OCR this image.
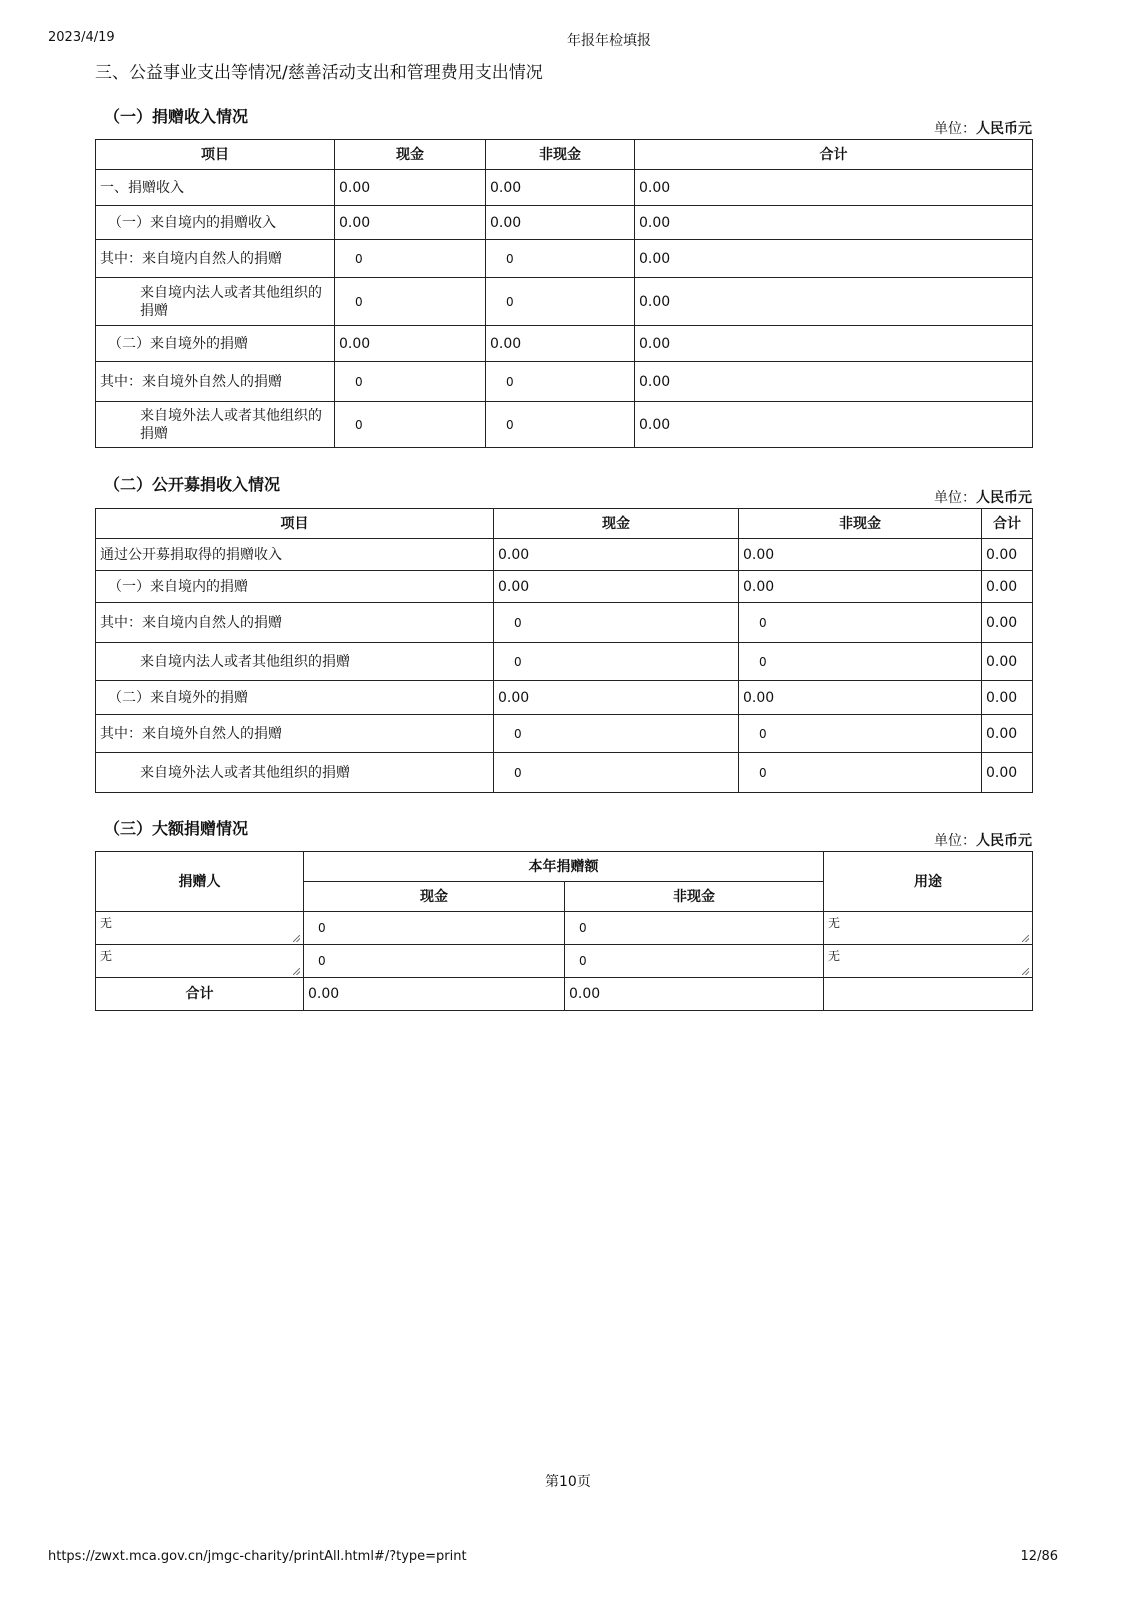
2023/4/19	年报年检填报
三、公益事业支出等情况/慈善活动支出和管理费用支出情况
（一）捐赠收入情况
单位：人民币元
项目	现金	非现金	合计
一、捐赠收入	0.00	0.00	0.00
（一）来自境内的捐赠收入	0.00	0.00	0.00
其中：来自境内自然人的捐赠	0	0	0.00
来自境内法人或者其他组织的捐赠	0	0	0.00
（二）来自境外的捐赠	0.00	0.00	0.00
其中：来自境外自然人的捐赠	0	0	0.00
来自境外法人或者其他组织的捐赠	0	0	0.00
（二）公开募捐收入情况
单位：人民币元
项目	现金	非现金	合计
通过公开募捐取得的捐赠收入	0.00	0.00	0.00
（一）来自境内的捐赠	0.00	0.00	0.00
其中：来自境内自然人的捐赠	0	0	0.00
来自境内法人或者其他组织的捐赠	0	0	0.00
（二）来自境外的捐赠	0.00	0.00	0.00
其中：来自境外自然人的捐赠	0	0	0.00
来自境外法人或者其他组织的捐赠	0	0	0.00
（三）大额捐赠情况
单位：人民币元
捐赠人	本年捐赠额		用途
	现金	非现金	
无	0	0	无

无	0	0	无

合计	0.00	0.00	
第10页
https://zwxt.mca.gov.cn/jmgc-charity/printAll.html#/?type=print	12/86
